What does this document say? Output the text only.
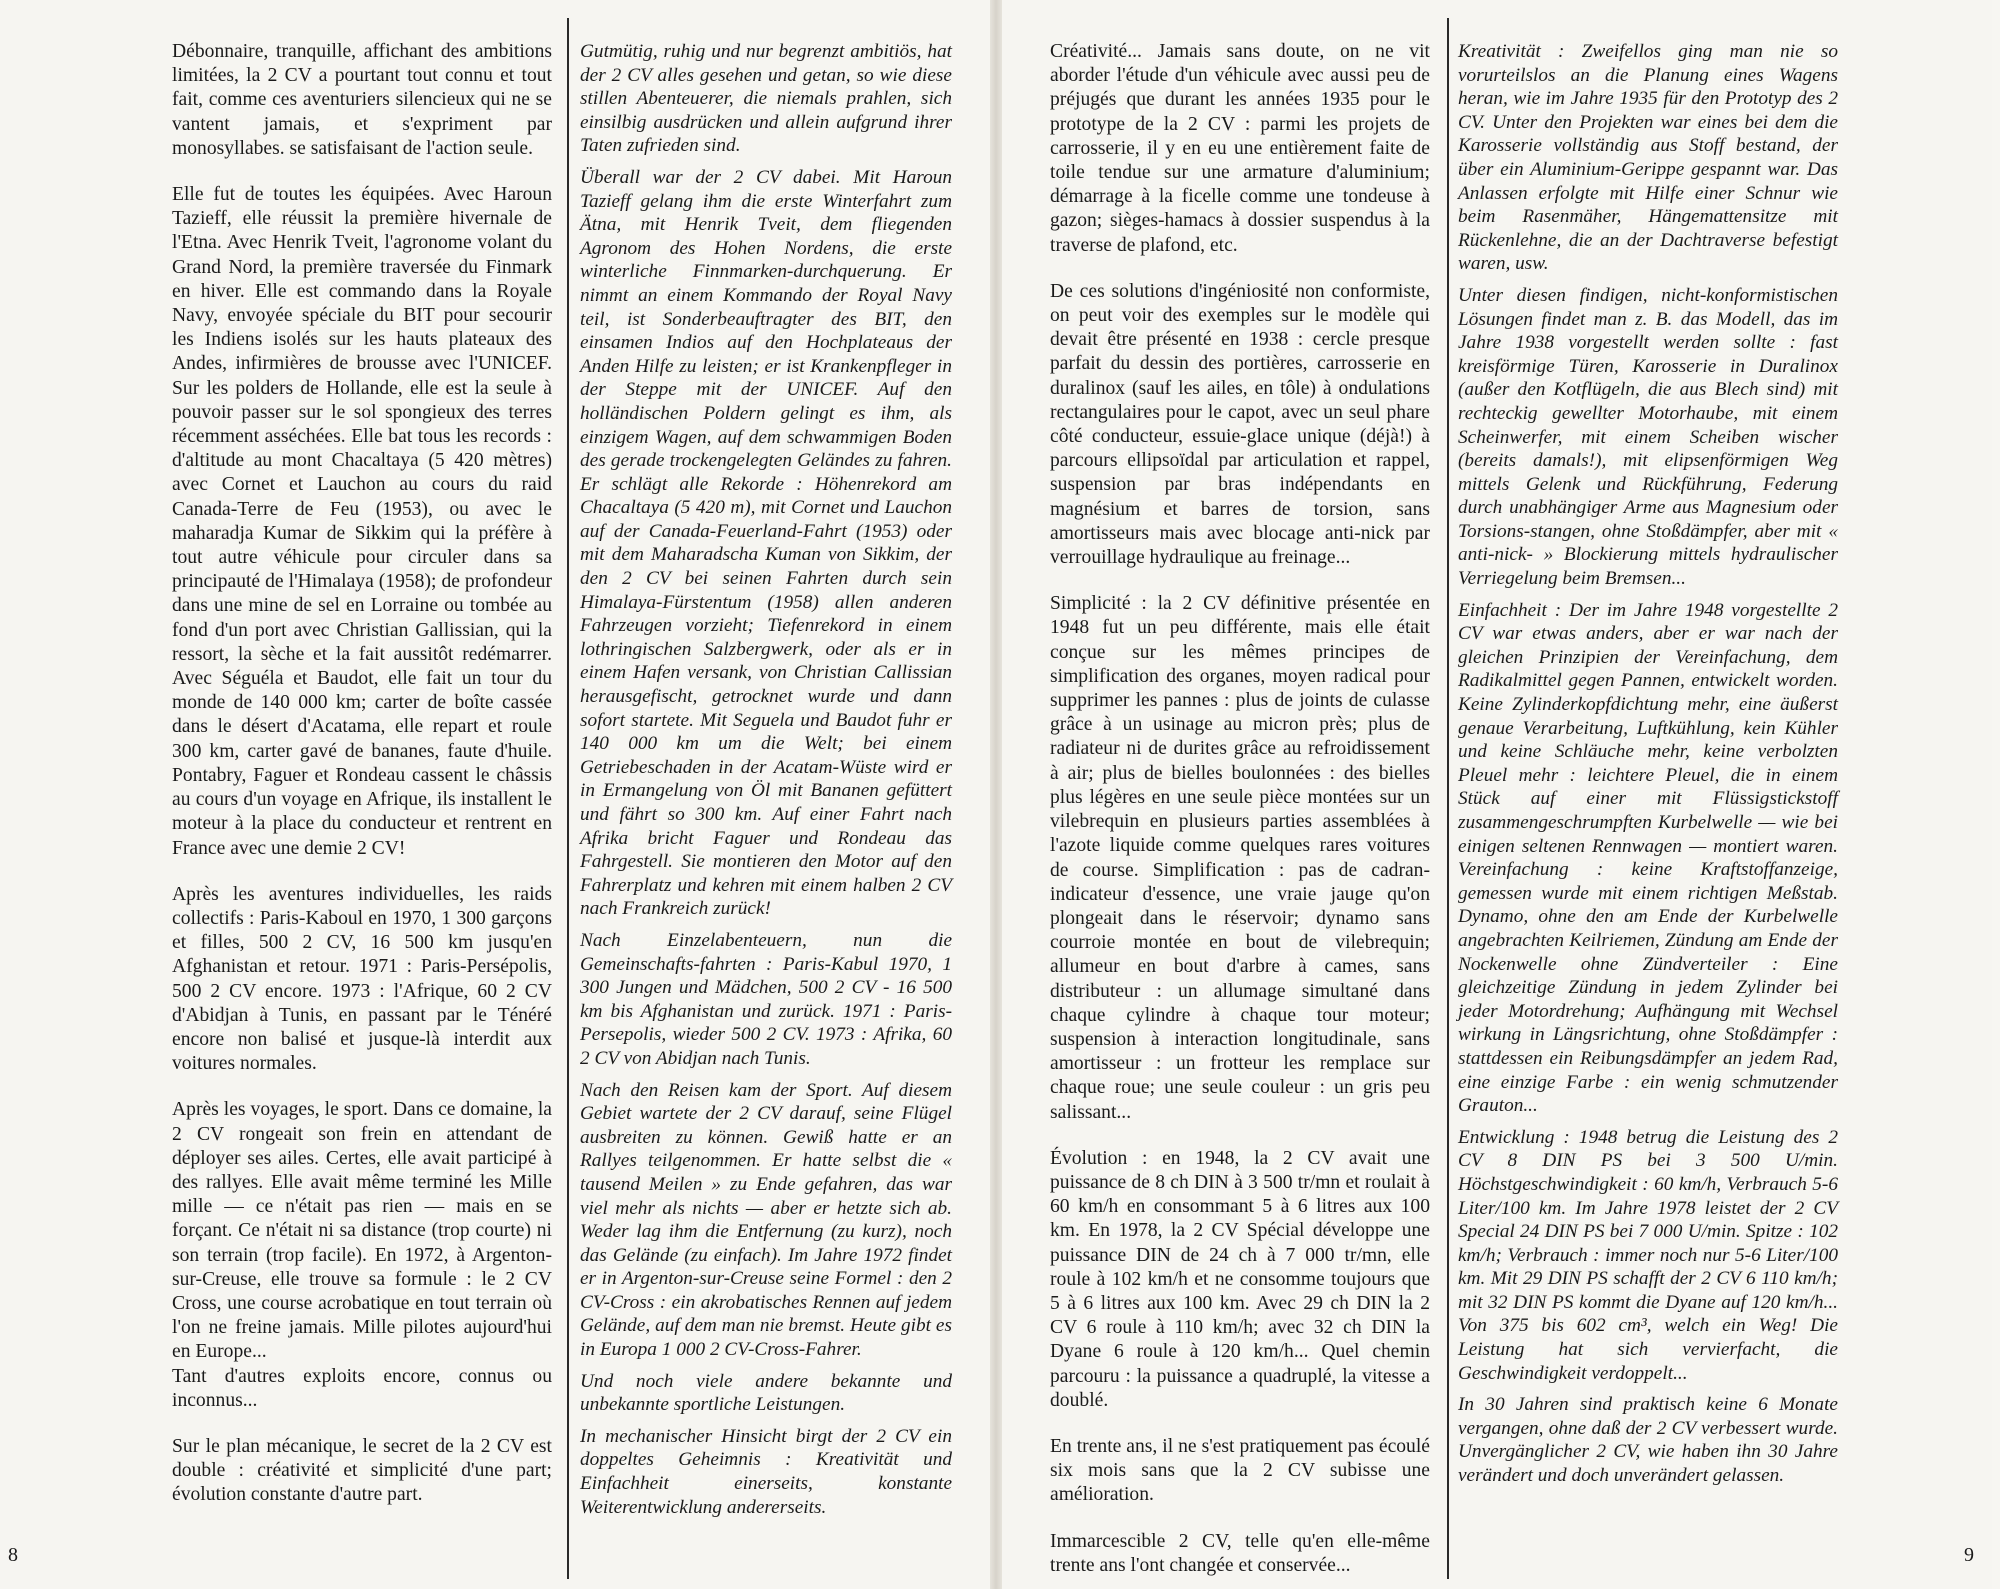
Débonnaire, tranquille, affichant des ambitions limitées, la 2 CV a pourtant tout connu et tout fait, comme ces aventuriers silencieux qui ne se vantent jamais, et s'expriment par monosyllabes. se satisfaisant de l'action seule.

Elle fut de toutes les équipées. Avec Haroun Tazieff, elle réussit la première hivernale de l'Etna. Avec Henrik Tveit, l'agronome volant du Grand Nord, la première traversée du Finmark en hiver. Elle est commando dans la Royale Navy, envoyée spéciale du BIT pour secourir les Indiens isolés sur les hauts plateaux des Andes, infirmières de brousse avec l'UNICEF. Sur les polders de Hollande, elle est la seule à pouvoir passer sur le sol spongieux des terres récemment asséchées. Elle bat tous les records : d'altitude au mont Chacaltaya (5 420 mètres) avec Cornet et Lauchon au cours du raid Canada-Terre de Feu (1953), ou avec le maharadja Kumar de Sikkim qui la préfère à tout autre véhicule pour circuler dans sa principauté de l'Himalaya (1958); de profondeur dans une mine de sel en Lorraine ou tombée au fond d'un port avec Christian Gallissian, qui la ressort, la sèche et la fait aussitôt redémarrer. Avec Séguéla et Baudot, elle fait un tour du monde de 140 000 km; carter de boîte cassée dans le désert d'Acatama, elle repart et roule 300 km, carter gavé de bananes, faute d'huile. Pontabry, Faguer et Rondeau cassent le châssis au cours d'un voyage en Afrique, ils installent le moteur à la place du conducteur et rentrent en France avec une demie 2 CV!

Après les aventures individuelles, les raids collectifs : Paris-Kaboul en 1970, 1 300 garçons et filles, 500 2 CV, 16 500 km jusqu'en Afghanistan et retour. 1971 : Paris-Persépolis, 500 2 CV encore. 1973 : l'Afrique, 60 2 CV d'Abidjan à Tunis, en passant par le Ténéré encore non balisé et jusque-là interdit aux voitures normales.

Après les voyages, le sport. Dans ce domaine, la 2 CV rongeait son frein en attendant de déployer ses ailes. Certes, elle avait participé à des rallyes. Elle avait même terminé les Mille mille — ce n'était pas rien — mais en se forçant. Ce n'était ni sa distance (trop courte) ni son terrain (trop facile). En 1972, à Argenton-sur-Creuse, elle trouve sa formule : le 2 CV Cross, une course acrobatique en tout terrain où l'on ne freine jamais. Mille pilotes aujourd'hui en Europe...

Tant d'autres exploits encore, connus ou inconnus...

Sur le plan mécanique, le secret de la 2 CV est double : créativité et simplicité d'une part; évolution constante d'autre part.

Gutmütig, ruhig und nur begrenzt ambitiös, hat der 2 CV alles gesehen und getan, so wie diese stillen Abenteuerer, die niemals prahlen, sich einsilbig ausdrücken und allein aufgrund ihrer Taten zufrieden sind.

Überall war der 2 CV dabei. Mit Haroun Tazieff gelang ihm die erste Winterfahrt zum Ätna, mit Henrik Tveit, dem fliegenden Agronom des Hohen Nordens, die erste winterliche Finnmarken-durchquerung. Er nimmt an einem Kommando der Royal Navy teil, ist Sonderbeauftragter des BIT, den einsamen Indios auf den Hochplateaus der Anden Hilfe zu leisten; er ist Krankenpfleger in der Steppe mit der UNICEF. Auf den holländischen Poldern gelingt es ihm, als einzigem Wagen, auf dem schwammigen Boden des gerade trockengelegten Geländes zu fahren. Er schlägt alle Rekorde : Höhenrekord am Chacaltaya (5 420 m), mit Cornet und Lauchon auf der Canada-Feuerland-Fahrt (1953) oder mit dem Maharadscha Kuman von Sikkim, der den 2 CV bei seinen Fahrten durch sein Himalaya-Fürstentum (1958) allen anderen Fahrzeugen vorzieht; Tiefenrekord in einem lothringischen Salzbergwerk, oder als er in einem Hafen versank, von Christian Callissian herausgefischt, getrocknet wurde und dann sofort startete. Mit Seguela und Baudot fuhr er 140 000 km um die Welt; bei einem Getriebeschaden in der Acatam-Wüste wird er in Ermangelung von Öl mit Bananen gefüttert und fährt so 300 km. Auf einer Fahrt nach Afrika bricht Faguer und Rondeau das Fahrgestell. Sie montieren den Motor auf den Fahrerplatz und kehren mit einem halben 2 CV nach Frankreich zurück!

Nach Einzelabenteuern, nun die Gemeinschafts-fahrten : Paris-Kabul 1970, 1 300 Jungen und Mädchen, 500 2 CV - 16 500 km bis Afghanistan und zurück. 1971 : Paris-Persepolis, wieder 500 2 CV. 1973 : Afrika, 60 2 CV von Abidjan nach Tunis.

Nach den Reisen kam der Sport. Auf diesem Gebiet wartete der 2 CV darauf, seine Flügel ausbreiten zu können. Gewiß hatte er an Rallyes teilgenommen. Er hatte selbst die « tausend Meilen » zu Ende gefahren, das war viel mehr als nichts — aber er hetzte sich ab. Weder lag ihm die Entfernung (zu kurz), noch das Gelände (zu einfach). Im Jahre 1972 findet er in Argenton-sur-Creuse seine Formel : den 2 CV-Cross : ein akrobatisches Rennen auf jedem Gelände, auf dem man nie bremst. Heute gibt es in Europa 1 000 2 CV-Cross-Fahrer.

Und noch viele andere bekannte und unbekannte sportliche Leistungen.

In mechanischer Hinsicht birgt der 2 CV ein doppeltes Geheimnis : Kreativität und Einfachheit einerseits, konstante Weiterentwicklung andererseits.

8

Créativité... Jamais sans doute, on ne vit aborder l'étude d'un véhicule avec aussi peu de préjugés que durant les années 1935 pour le prototype de la 2 CV : parmi les projets de carrosserie, il y en eu une entièrement faite de toile tendue sur une armature d'aluminium; démarrage à la ficelle comme une tondeuse à gazon; sièges-hamacs à dossier suspendus à la traverse de plafond, etc.

De ces solutions d'ingéniosité non conformiste, on peut voir des exemples sur le modèle qui devait être présenté en 1938 : cercle presque parfait du dessin des portières, carrosserie en duralinox (sauf les ailes, en tôle) à ondulations rectangulaires pour le capot, avec un seul phare côté conducteur, essuie-glace unique (déjà!) à parcours ellipsoïdal par articulation et rappel, suspension par bras indépendants en magnésium et barres de torsion, sans amortisseurs mais avec blocage anti-nick par verrouillage hydraulique au freinage...

Simplicité : la 2 CV définitive présentée en 1948 fut un peu différente, mais elle était conçue sur les mêmes principes de simplification des organes, moyen radical pour supprimer les pannes : plus de joints de culasse grâce à un usinage au micron près; plus de radiateur ni de durites grâce au refroidissement à air; plus de bielles boulonnées : des bielles plus légères en une seule pièce montées sur un vilebrequin en plusieurs parties assemblées à l'azote liquide comme quelques rares voitures de course. Simplification : pas de cadran-indicateur d'essence, une vraie jauge qu'on plongeait dans le réservoir; dynamo sans courroie montée en bout de vilebrequin; allumeur en bout d'arbre à cames, sans distributeur : un allumage simultané dans chaque cylindre à chaque tour moteur; suspension à interaction longitudinale, sans amortisseur : un frotteur les remplace sur chaque roue; une seule couleur : un gris peu salissant...

Évolution : en 1948, la 2 CV avait une puissance de 8 ch DIN à 3 500 tr/mn et roulait à 60 km/h en consommant 5 à 6 litres aux 100 km. En 1978, la 2 CV Spécial développe une puissance DIN de 24 ch à 7 000 tr/mn, elle roule à 102 km/h et ne consomme toujours que 5 à 6 litres aux 100 km. Avec 29 ch DIN la 2 CV 6 roule à 110 km/h; avec 32 ch DIN la Dyane 6 roule à 120 km/h... Quel chemin parcouru : la puissance a quadruplé, la vitesse a doublé.

En trente ans, il ne s'est pratiquement pas écoulé six mois sans que la 2 CV subisse une amélioration.

Immarcescible 2 CV, telle qu'en elle-même trente ans l'ont changée et conservée...

Kreativität : Zweifellos ging man nie so vorurteilslos an die Planung eines Wagens heran, wie im Jahre 1935 für den Prototyp des 2 CV. Unter den Projekten war eines bei dem die Karosserie vollständig aus Stoff bestand, der über ein Aluminium-Gerippe gespannt war. Das Anlassen erfolgte mit Hilfe einer Schnur wie beim Rasenmäher, Hängemattensitze mit Rückenlehne, die an der Dachtraverse befestigt waren, usw.

Unter diesen findigen, nicht-konformistischen Lösungen findet man z. B. das Modell, das im Jahre 1938 vorgestellt werden sollte : fast kreisförmige Türen, Karosserie in Duralinox (außer den Kotflügeln, die aus Blech sind) mit rechteckig gewellter Motorhaube, mit einem Scheinwerfer, mit einem Scheiben wischer (bereits damals!), mit elipsenförmigen Weg mittels Gelenk und Rückführung, Federung durch unabhängiger Arme aus Magnesium oder Torsions-stangen, ohne Stoßdämpfer, aber mit « anti-nick- » Blockierung mittels hydraulischer Verriegelung beim Bremsen...

Einfachheit : Der im Jahre 1948 vorgestellte 2 CV war etwas anders, aber er war nach der gleichen Prinzipien der Vereinfachung, dem Radikalmittel gegen Pannen, entwickelt worden. Keine Zylinderkopfdichtung mehr, eine äußerst genaue Verarbeitung, Luftkühlung, kein Kühler und keine Schläuche mehr, keine verbolzten Pleuel mehr : leichtere Pleuel, die in einem Stück auf einer mit Flüssigstickstoff zusammengeschrumpften Kurbelwelle — wie bei einigen seltenen Rennwagen — montiert waren. Vereinfachung : keine Kraftstoffanzeige, gemessen wurde mit einem richtigen Meßstab. Dynamo, ohne den am Ende der Kurbelwelle angebrachten Keilriemen, Zündung am Ende der Nockenwelle ohne Zündverteiler : Eine gleichzeitige Zündung in jedem Zylinder bei jeder Motordrehung; Aufhängung mit Wechsel wirkung in Längsrichtung, ohne Stoßdämpfer : stattdessen ein Reibungsdämpfer an jedem Rad, eine einzige Farbe : ein wenig schmutzender Grauton...

Entwicklung : 1948 betrug die Leistung des 2 CV 8 DIN PS bei 3 500 U/min. Höchstgeschwindigkeit : 60 km/h, Verbrauch 5-6 Liter/100 km. Im Jahre 1978 leistet der 2 CV Special 24 DIN PS bei 7 000 U/min. Spitze : 102 km/h; Verbrauch : immer noch nur 5-6 Liter/100 km. Mit 29 DIN PS schafft der 2 CV 6 110 km/h; mit 32 DIN PS kommt die Dyane auf 120 km/h... Von 375 bis 602 cm³, welch ein Weg! Die Leistung hat sich vervierfacht, die Geschwindigkeit verdoppelt...

In 30 Jahren sind praktisch keine 6 Monate vergangen, ohne daß der 2 CV verbessert wurde. Unvergänglicher 2 CV, wie haben ihn 30 Jahre verändert und doch unverändert gelassen.

9
